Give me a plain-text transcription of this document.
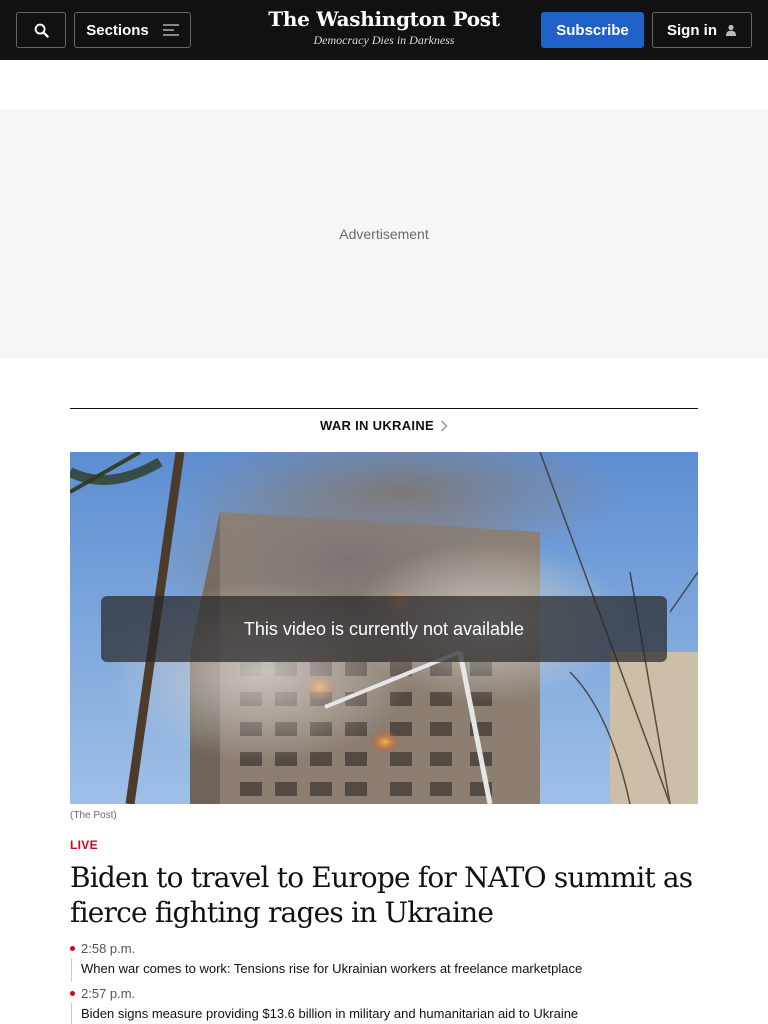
Sections	The Washington Post
Democracy Dies in Darkness
Subscribe	Sign in
Advertisement
WAR IN UKRAINE
This video is currently not available
(The Post)
LIVE
Biden to travel to Europe for NATO summit as fierce fighting rages in Ukraine
2:58 p.m.
When war comes to work: Tensions rise for Ukrainian workers at freelance marketplace
2:57 p.m.
Biden signs measure providing $13.6 billion in military and humanitarian aid to Ukraine
